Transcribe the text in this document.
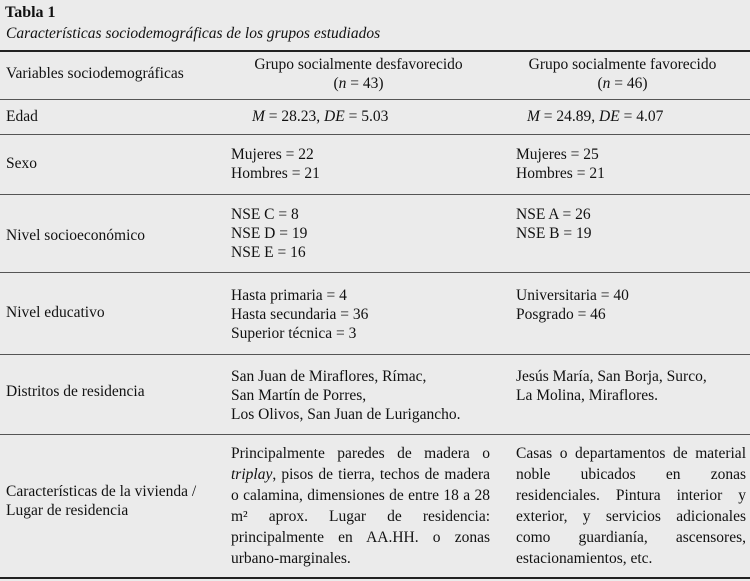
Tabla 1
Características sociodemográficas de los grupos estudiados
Variables sociodemográficas
Grupo socialmente desfavorecido
(n = 43)
Grupo socialmente favorecido
(n = 46)
Edad	M = 28.23, DE = 5.03	M = 24.89, DE = 4.07
Sexo
Mujeres = 22
Hombres = 21
Mujeres = 25
Hombres = 21
Nivel socioeconómico
NSE C = 8
NSE D = 19
NSE E = 16
NSE A = 26
NSE B = 19
Nivel educativo
Hasta primaria = 4
Hasta secundaria = 36
Superior técnica = 3
Universitaria = 40
Posgrado = 46
Distritos de residencia
San Juan de Miraflores, Rímac,
San Martín de Porres,
Los Olivos, San Juan de Lurigancho.
Jesús María, San Borja, Surco,
La Molina, Miraflores.
Características de la vivienda /
Lugar de residencia
Principalmente paredes de madera o triplay, pisos de tierra, techos de madera o calamina, dimensiones de entre 18 a 28 m² aprox. Lugar de residencia: principalmente en AA.HH. o zonas urbano-marginales.
Casas o departamentos de material noble ubicados en zonas residenciales. Pintura interior y exterior, y servicios adicionales como guardianía, ascensores, estacionamientos, etc.
